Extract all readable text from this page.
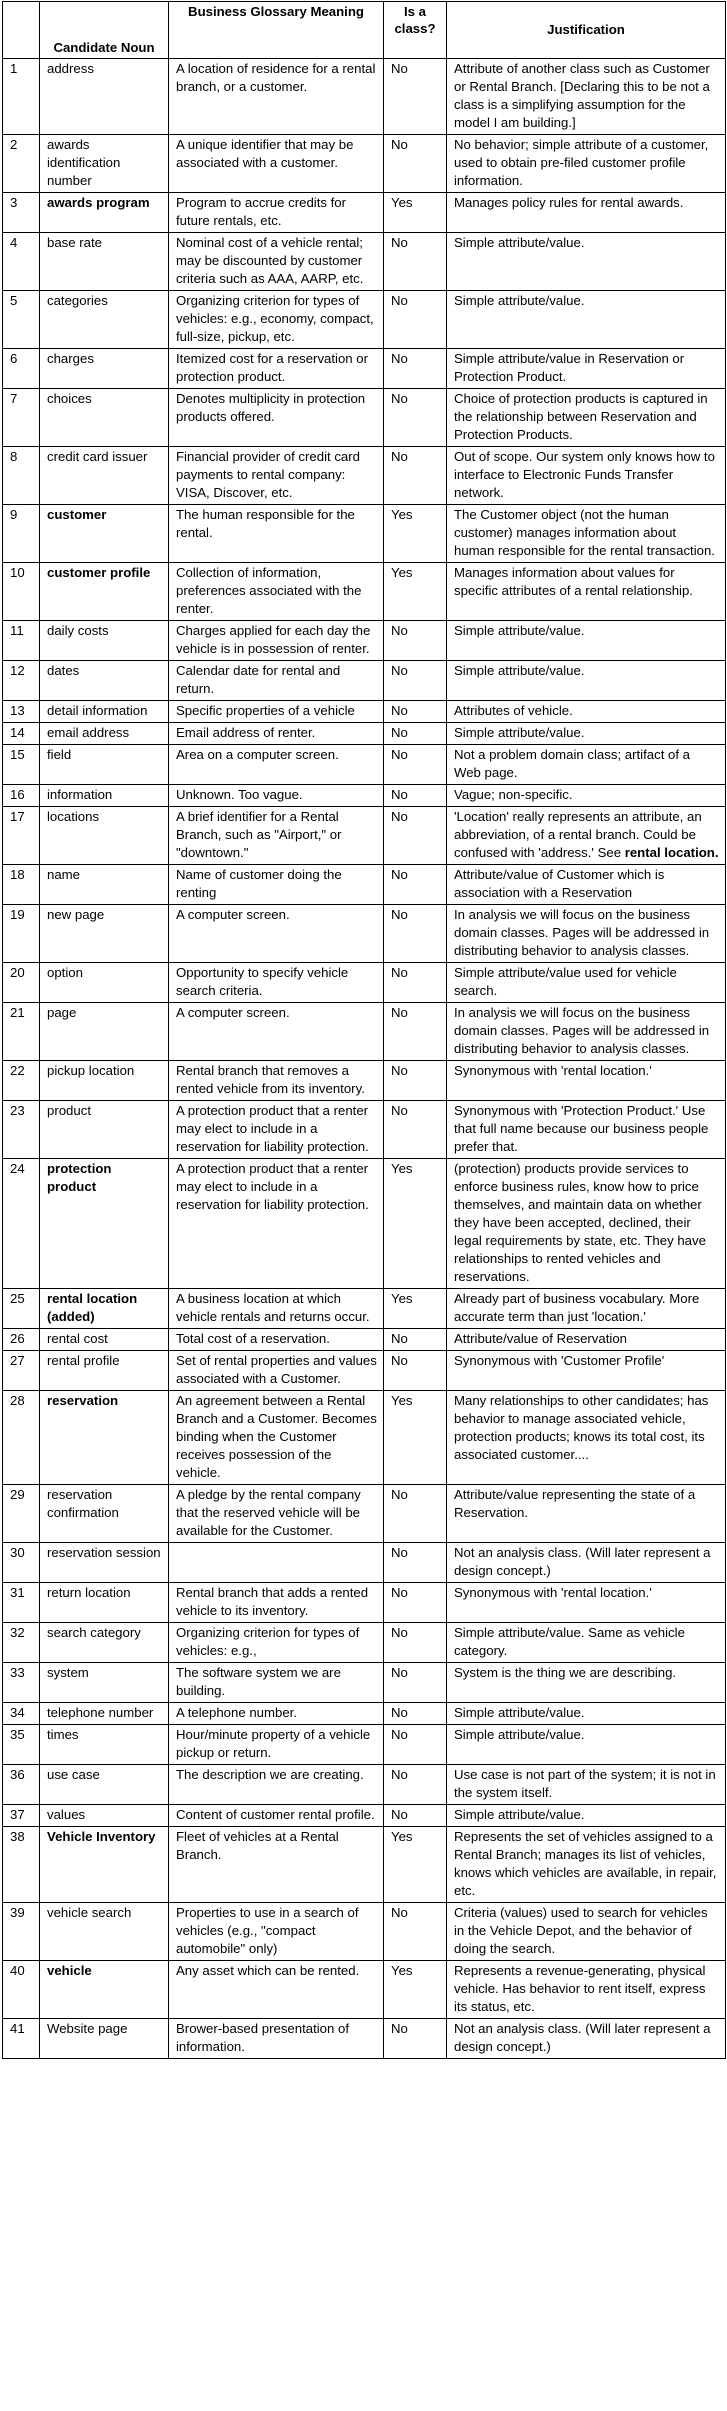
	Candidate Noun	Business Glossary Meaning	Is a class?	Justification
1	address	A location of residence for a rental branch, or a customer.	No	Attribute of another class such as Customer or Rental Branch. [Declaring this to be not a class is a simplifying assumption for the model I am building.]
2	awards identification number	A unique identifier that may be associated with a customer.	No	No behavior; simple attribute of a customer, used to obtain pre-filed customer profile information.
3	awards program	Program to accrue credits for future rentals, etc.	Yes	Manages policy rules for rental awards.
4	base rate	Nominal cost of a vehicle rental; may be discounted by customer criteria such as AAA, AARP, etc.	No	Simple attribute/value.
5	categories	Organizing criterion for types of vehicles: e.g., economy, compact, full-size, pickup, etc.	No	Simple attribute/value.
6	charges	Itemized cost for a reservation or protection product.	No	Simple attribute/value in Reservation or Protection Product.
7	choices	Denotes multiplicity in protection products offered.	No	Choice of protection products is captured in the relationship between Reservation and Protection Products.
8	credit card issuer	Financial provider of credit card payments to rental company: VISA, Discover, etc.	No	Out of scope. Our system only knows how to interface to Electronic Funds Transfer network.
9	customer	The human responsible for the rental.	Yes	The Customer object (not the human customer) manages information about human responsible for the rental transaction.
10	customer profile	Collection of information, preferences associated with the renter.	Yes	Manages information about values for specific attributes of a rental relationship.
11	daily costs	Charges applied for each day the vehicle is in possession of renter.	No	Simple attribute/value.
12	dates	Calendar date for rental and return.	No	Simple attribute/value.
13	detail information	Specific properties of a vehicle	No	Attributes of vehicle.
14	email address	Email address of renter.	No	Simple attribute/value.
15	field	Area on a computer screen.	No	Not a problem domain class; artifact of a Web page.
16	information	Unknown. Too vague.	No	Vague; non-specific.
17	locations	A brief identifier for a Rental Branch, such as "Airport," or "downtown."	No	'Location' really represents an attribute, an abbreviation, of a rental branch. Could be confused with 'address.' See rental location.
18	name	Name of customer doing the renting	No	Attribute/value of Customer which is association with a Reservation
19	new page	A computer screen.	No	In analysis we will focus on the business domain classes. Pages will be addressed in distributing behavior to analysis classes.
20	option	Opportunity to specify vehicle search criteria.	No	Simple attribute/value used for vehicle search.
21	page	A computer screen.	No	In analysis we will focus on the business domain classes. Pages will be addressed in distributing behavior to analysis classes.
22	pickup location	Rental branch that removes a rented vehicle from its inventory.	No	Synonymous with 'rental location.'
23	product	A protection product that a renter may elect to include in a reservation for liability protection.	No	Synonymous with 'Protection Product.' Use that full name because our business people prefer that.
24	protection product	A protection product that a renter may elect to include in a reservation for liability protection.	Yes	(protection) products provide services to enforce business rules, know how to price themselves, and maintain data on whether they have been accepted, declined, their legal requirements by state, etc. They have relationships to rented vehicles and reservations.
25	rental location (added)	A business location at which vehicle rentals and returns occur.	Yes	Already part of business vocabulary. More accurate term than just 'location.'
26	rental cost	Total cost of a reservation.	No	Attribute/value of Reservation
27	rental profile	Set of rental properties and values associated with a Customer.	No	Synonymous with 'Customer Profile'
28	reservation	An agreement between a Rental Branch and a Customer. Becomes binding when the Customer receives possession of the vehicle.	Yes	Many relationships to other candidates; has behavior to manage associated vehicle, protection products; knows its total cost, its associated customer....
29	reservation confirmation	A pledge by the rental company that the reserved vehicle will be available for the Customer.	No	Attribute/value representing the state of a Reservation.
30	reservation session		No	Not an analysis class. (Will later represent a design concept.)
31	return location	Rental branch that adds a rented vehicle to its inventory.	No	Synonymous with 'rental location.'
32	search category	Organizing criterion for types of vehicles: e.g.,	No	Simple attribute/value. Same as vehicle category.
33	system	The software system we are building.	No	System is the thing we are describing.
34	telephone number	A telephone number.	No	Simple attribute/value.
35	times	Hour/minute property of a vehicle pickup or return.	No	Simple attribute/value.
36	use case	The description we are creating.	No	Use case is not part of the system; it is not in the system itself.
37	values	Content of customer rental profile.	No	Simple attribute/value.
38	Vehicle Inventory	Fleet of vehicles at a Rental Branch.	Yes	Represents the set of vehicles assigned to a Rental Branch; manages its list of vehicles, knows which vehicles are available, in repair, etc.
39	vehicle search	Properties to use in a search of vehicles (e.g., "compact automobile" only)	No	Criteria (values) used to search for vehicles in the Vehicle Depot, and the behavior of doing the search.
40	vehicle	Any asset which can be rented.	Yes	Represents a revenue-generating, physical vehicle. Has behavior to rent itself, express its status, etc.
41	Website page	Brower-based presentation of information.	No	Not an analysis class. (Will later represent a design concept.)
